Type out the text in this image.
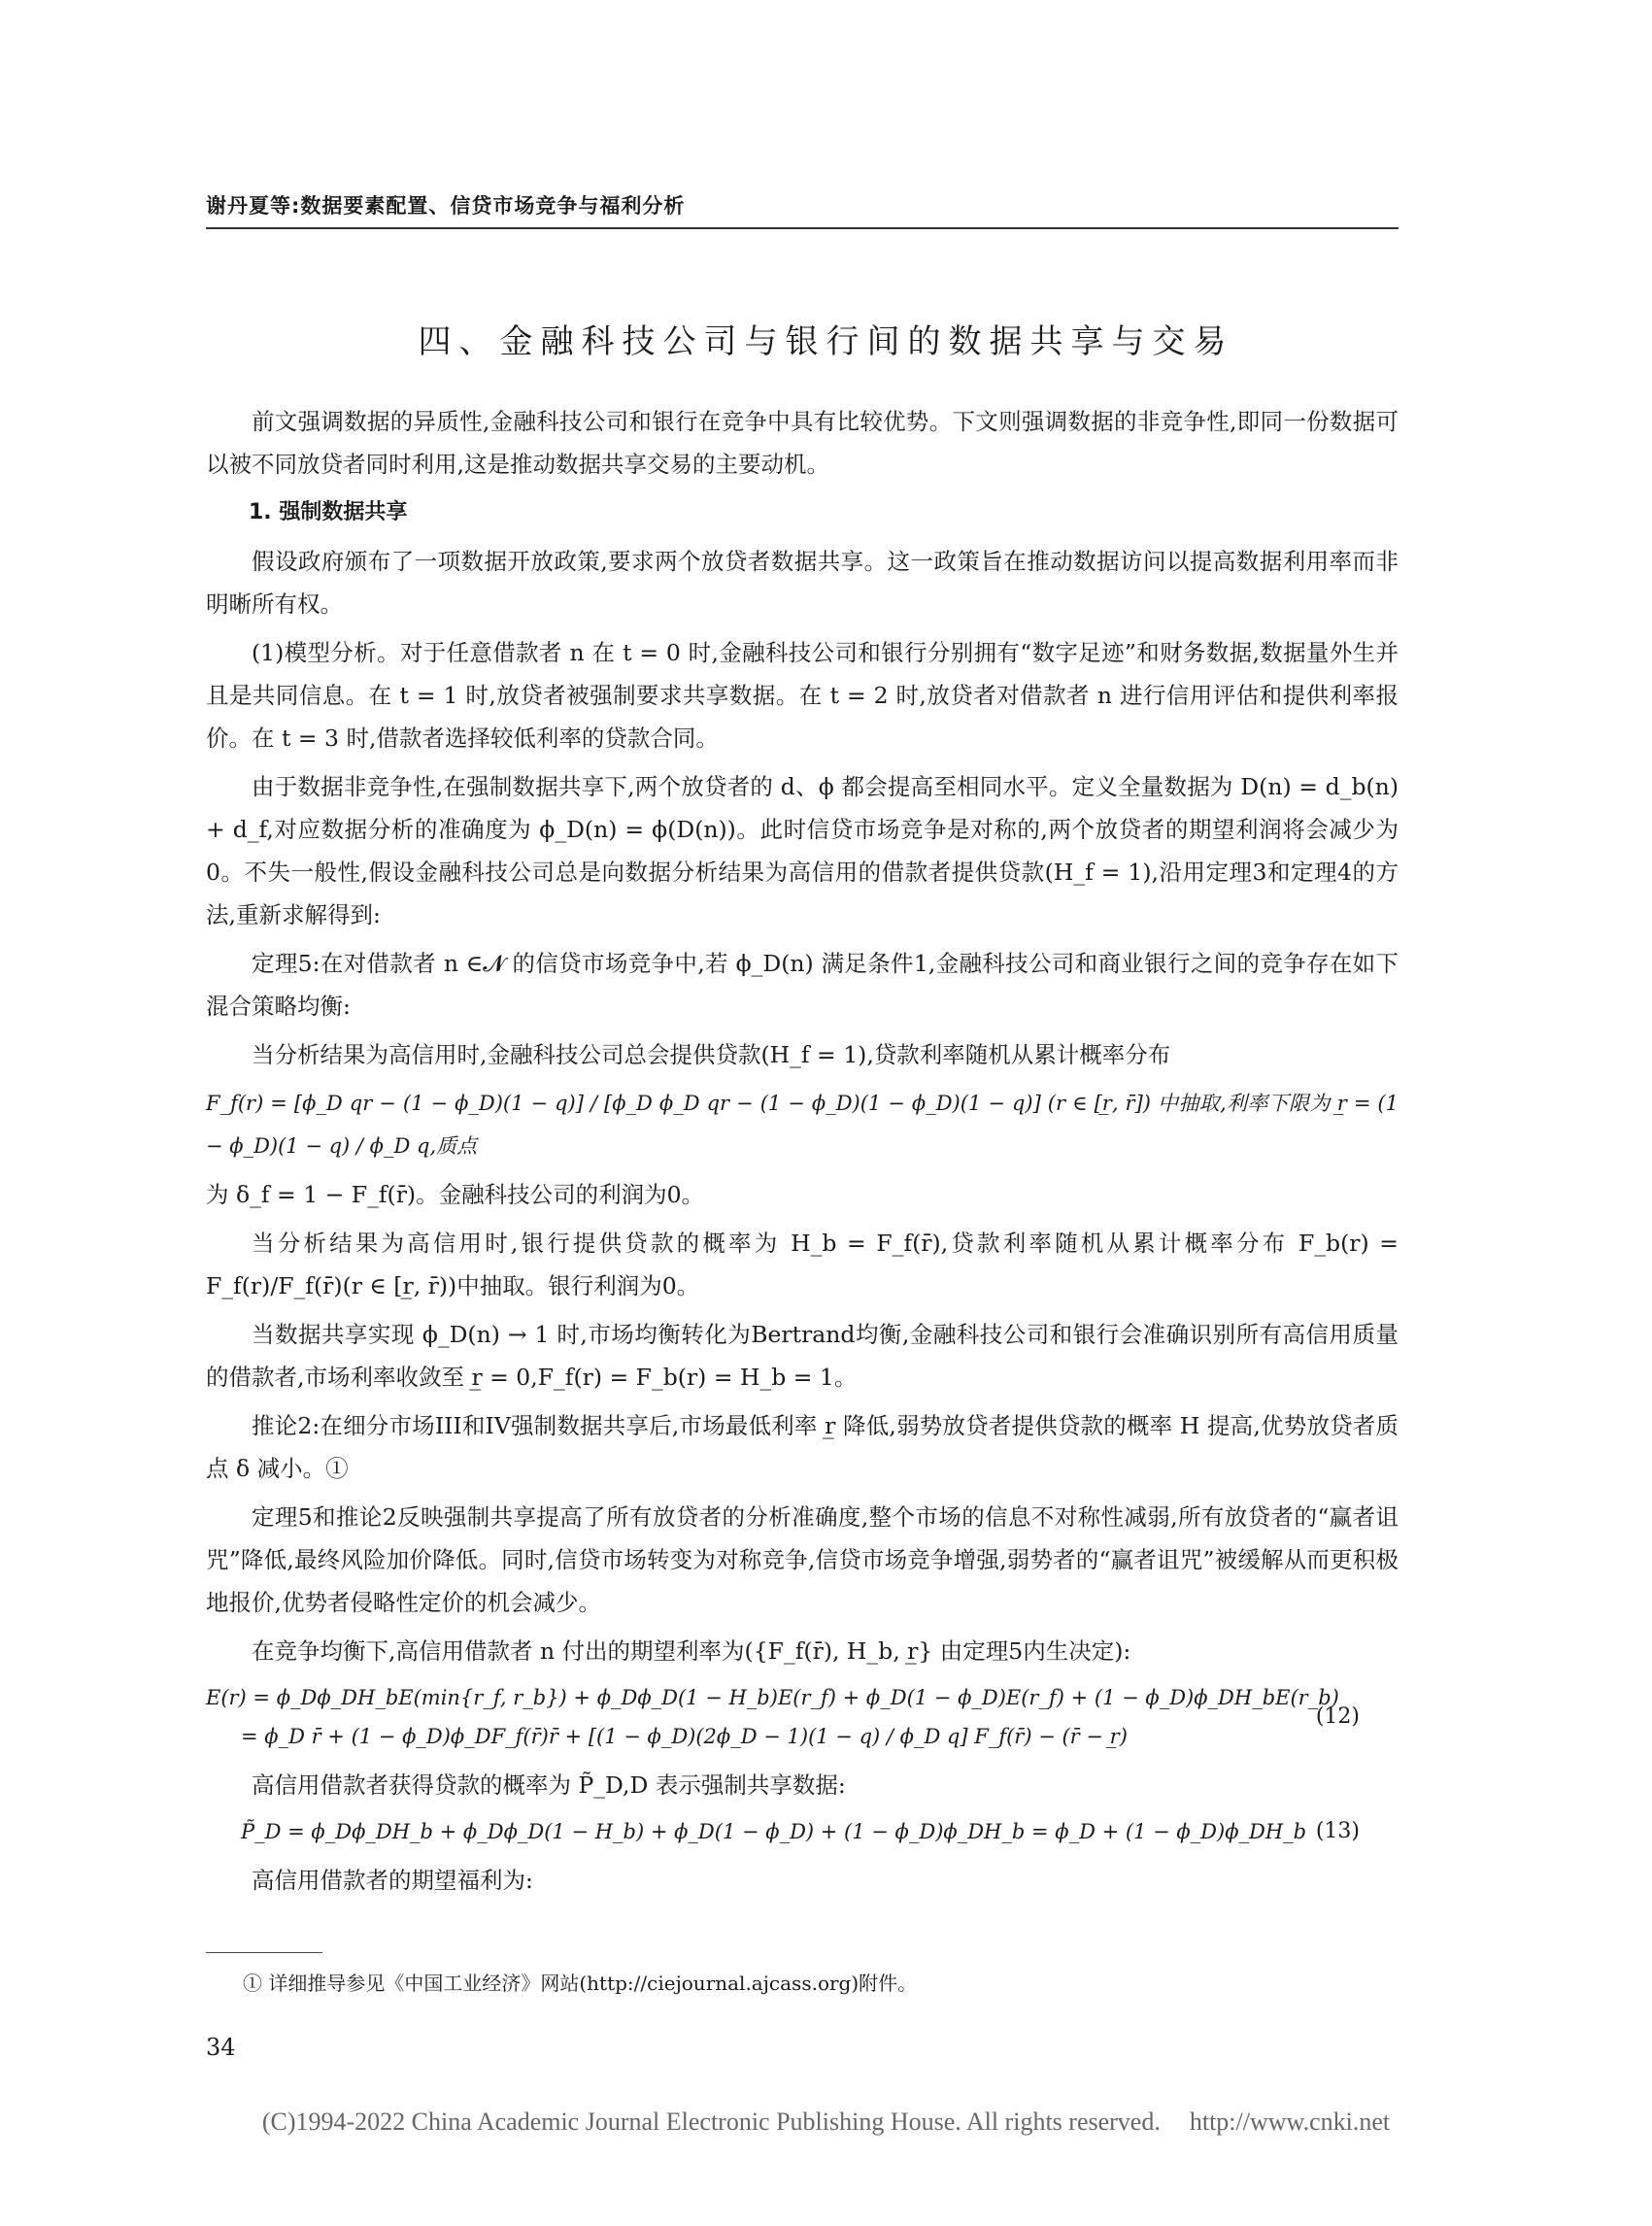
谢丹夏等:数据要素配置、信贷市场竞争与福利分析
四、金融科技公司与银行间的数据共享与交易

前文强调数据的异质性,金融科技公司和银行在竞争中具有比较优势。下文则强调数据的非竞争性,即同一份数据可以被不同放贷者同时利用,这是推动数据共享交易的主要动机。

1. 强制数据共享

假设政府颁布了一项数据开放政策,要求两个放贷者数据共享。这一政策旨在推动数据访问以提高数据利用率而非明晰所有权。

(1)模型分析。对于任意借款者 n 在 t = 0 时,金融科技公司和银行分别拥有“数字足迹”和财务数据,数据量外生并且是共同信息。在 t = 1 时,放贷者被强制要求共享数据。在 t = 2 时,放贷者对借款者 n 进行信用评估和提供利率报价。在 t = 3 时,借款者选择较低利率的贷款合同。

由于数据非竞争性,在强制数据共享下,两个放贷者的 d、ϕ 都会提高至相同水平。定义全量数据为 D(n) = d_b(n) + d_f,对应数据分析的准确度为 ϕ_D(n) = ϕ(D(n))。此时信贷市场竞争是对称的,两个放贷者的期望利润将会减少为0。不失一般性,假设金融科技公司总是向数据分析结果为高信用的借款者提供贷款(H_f = 1),沿用定理3和定理4的方法,重新求解得到:

定理5:在对借款者 n ∈𝓝 的信贷市场竞争中,若 ϕ_D(n) 满足条件1,金融科技公司和商业银行之间的竞争存在如下混合策略均衡:

当分析结果为高信用时,金融科技公司总会提供贷款(H_f = 1),贷款利率随机从累计概率分布

F_f(r) = [ϕ_D qr − (1 − ϕ_D)(1 − q)] / [ϕ_D ϕ_D qr − (1 − ϕ_D)(1 − ϕ_D)(1 − q)] (r ∈ [r̲, r̄]) 中抽取,利率下限为 r̲ = (1 − ϕ_D)(1 − q) / ϕ_D q,质点

为 δ_f = 1 − F_f(r̄)。金融科技公司的利润为0。

当分析结果为高信用时,银行提供贷款的概率为 H_b = F_f(r̄),贷款利率随机从累计概率分布 F_b(r) = F_f(r)/F_f(r̄)(r ∈ [r̲, r̄))中抽取。银行利润为0。

当数据共享实现 ϕ_D(n) → 1 时,市场均衡转化为Bertrand均衡,金融科技公司和银行会准确识别所有高信用质量的借款者,市场利率收敛至 r̲ = 0,F_f(r) = F_b(r) = H_b = 1。

推论2:在细分市场III和IV强制数据共享后,市场最低利率 r̲ 降低,弱势放贷者提供贷款的概率 H 提高,优势放贷者质点 δ 减小。①

定理5和推论2反映强制共享提高了所有放贷者的分析准确度,整个市场的信息不对称性减弱,所有放贷者的“赢者诅咒”降低,最终风险加价降低。同时,信贷市场转变为对称竞争,信贷市场竞争增强,弱势者的“赢者诅咒”被缓解从而更积极地报价,优势者侵略性定价的机会减少。

在竞争均衡下,高信用借款者 n 付出的期望利率为({F_f(r̄), H_b, r̲} 由定理5内生决定):

E(r) = ϕ_Dϕ_DH_bE(min{r_f, r_b}) + ϕ_Dϕ_D(1 − H_b)E(r_f) + ϕ_D(1 − ϕ_D)E(r_f) + (1 − ϕ_D)ϕ_DH_bE(r_b)
= ϕ_D r̄ + (1 − ϕ_D)ϕ_DF_f(r̄)r̄ + [(1 − ϕ_D)(2ϕ_D − 1)(1 − q) / ϕ_D q] F_f(r̄) − (r̄ − r̲)
(12)

高信用借款者获得贷款的概率为 P̃_D,D 表示强制共享数据:

P̃_D = ϕ_Dϕ_DH_b + ϕ_Dϕ_D(1 − H_b) + ϕ_D(1 − ϕ_D) + (1 − ϕ_D)ϕ_DH_b = ϕ_D + (1 − ϕ_D)ϕ_DH_b (13)

高信用借款者的期望福利为:

① 详细推导参见《中国工业经济》网站(http://ciejournal.ajcass.org)附件。
34
(C)1994-2022 China Academic Journal Electronic Publishing House. All rights reserved. http://www.cnki.net
